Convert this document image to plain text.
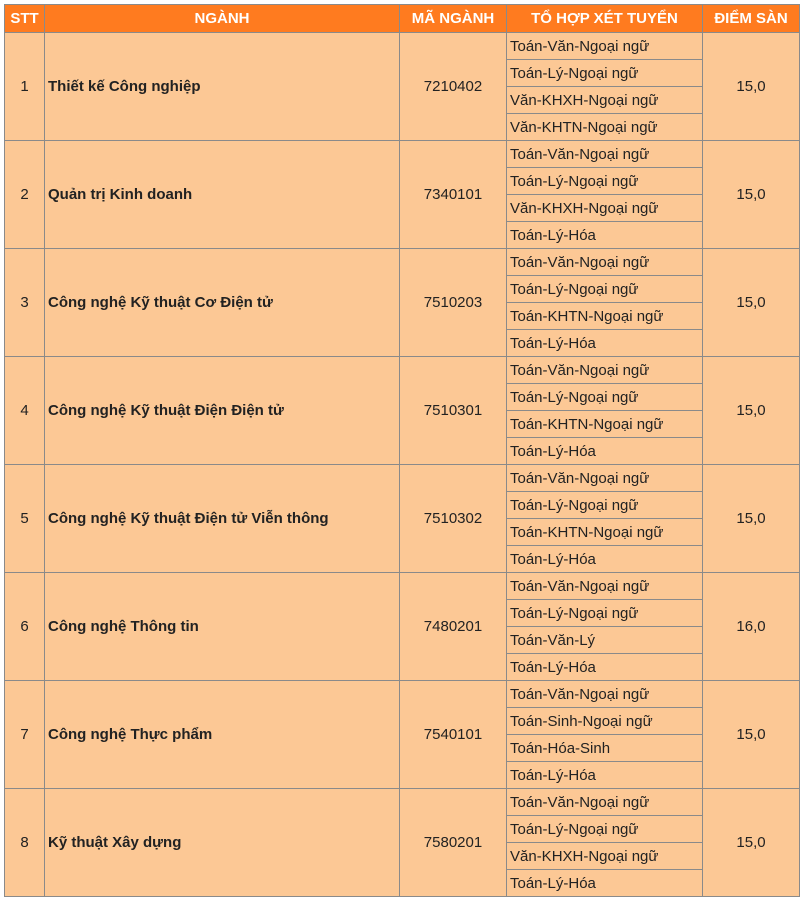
STT	NGÀNH	MÃ NGÀNH	TỔ HỢP XÉT TUYỂN	ĐIỂM SÀN
1	Thiết kế Công nghiệp	7210402	Toán-Văn-Ngoại ngữ	15,0
			Toán-Lý-Ngoại ngữ	
			Văn-KHXH-Ngoại ngữ	
			Văn-KHTN-Ngoại ngữ	
2	Quản trị Kinh doanh	7340101	Toán-Văn-Ngoại ngữ	15,0
			Toán-Lý-Ngoại ngữ	
			Văn-KHXH-Ngoại ngữ	
			Toán-Lý-Hóa	
3	Công nghệ Kỹ thuật Cơ Điện tử	7510203	Toán-Văn-Ngoại ngữ	15,0
			Toán-Lý-Ngoại ngữ	
			Toán-KHTN-Ngoại ngữ	
			Toán-Lý-Hóa	
4	Công nghệ Kỹ thuật Điện Điện tử	7510301	Toán-Văn-Ngoại ngữ	15,0
			Toán-Lý-Ngoại ngữ	
			Toán-KHTN-Ngoại ngữ	
			Toán-Lý-Hóa	
5	Công nghệ Kỹ thuật Điện tử Viễn thông	7510302	Toán-Văn-Ngoại ngữ	15,0
			Toán-Lý-Ngoại ngữ	
			Toán-KHTN-Ngoại ngữ	
			Toán-Lý-Hóa	
6	Công nghệ Thông tin	7480201	Toán-Văn-Ngoại ngữ	16,0
			Toán-Lý-Ngoại ngữ	
			Toán-Văn-Lý	
			Toán-Lý-Hóa	
7	Công nghệ Thực phẩm	7540101	Toán-Văn-Ngoại ngữ	15,0
			Toán-Sinh-Ngoại ngữ	
			Toán-Hóa-Sinh	
			Toán-Lý-Hóa	
8	Kỹ thuật Xây dựng	7580201	Toán-Văn-Ngoại ngữ	15,0
			Toán-Lý-Ngoại ngữ	
			Văn-KHXH-Ngoại ngữ	
			Toán-Lý-Hóa	
